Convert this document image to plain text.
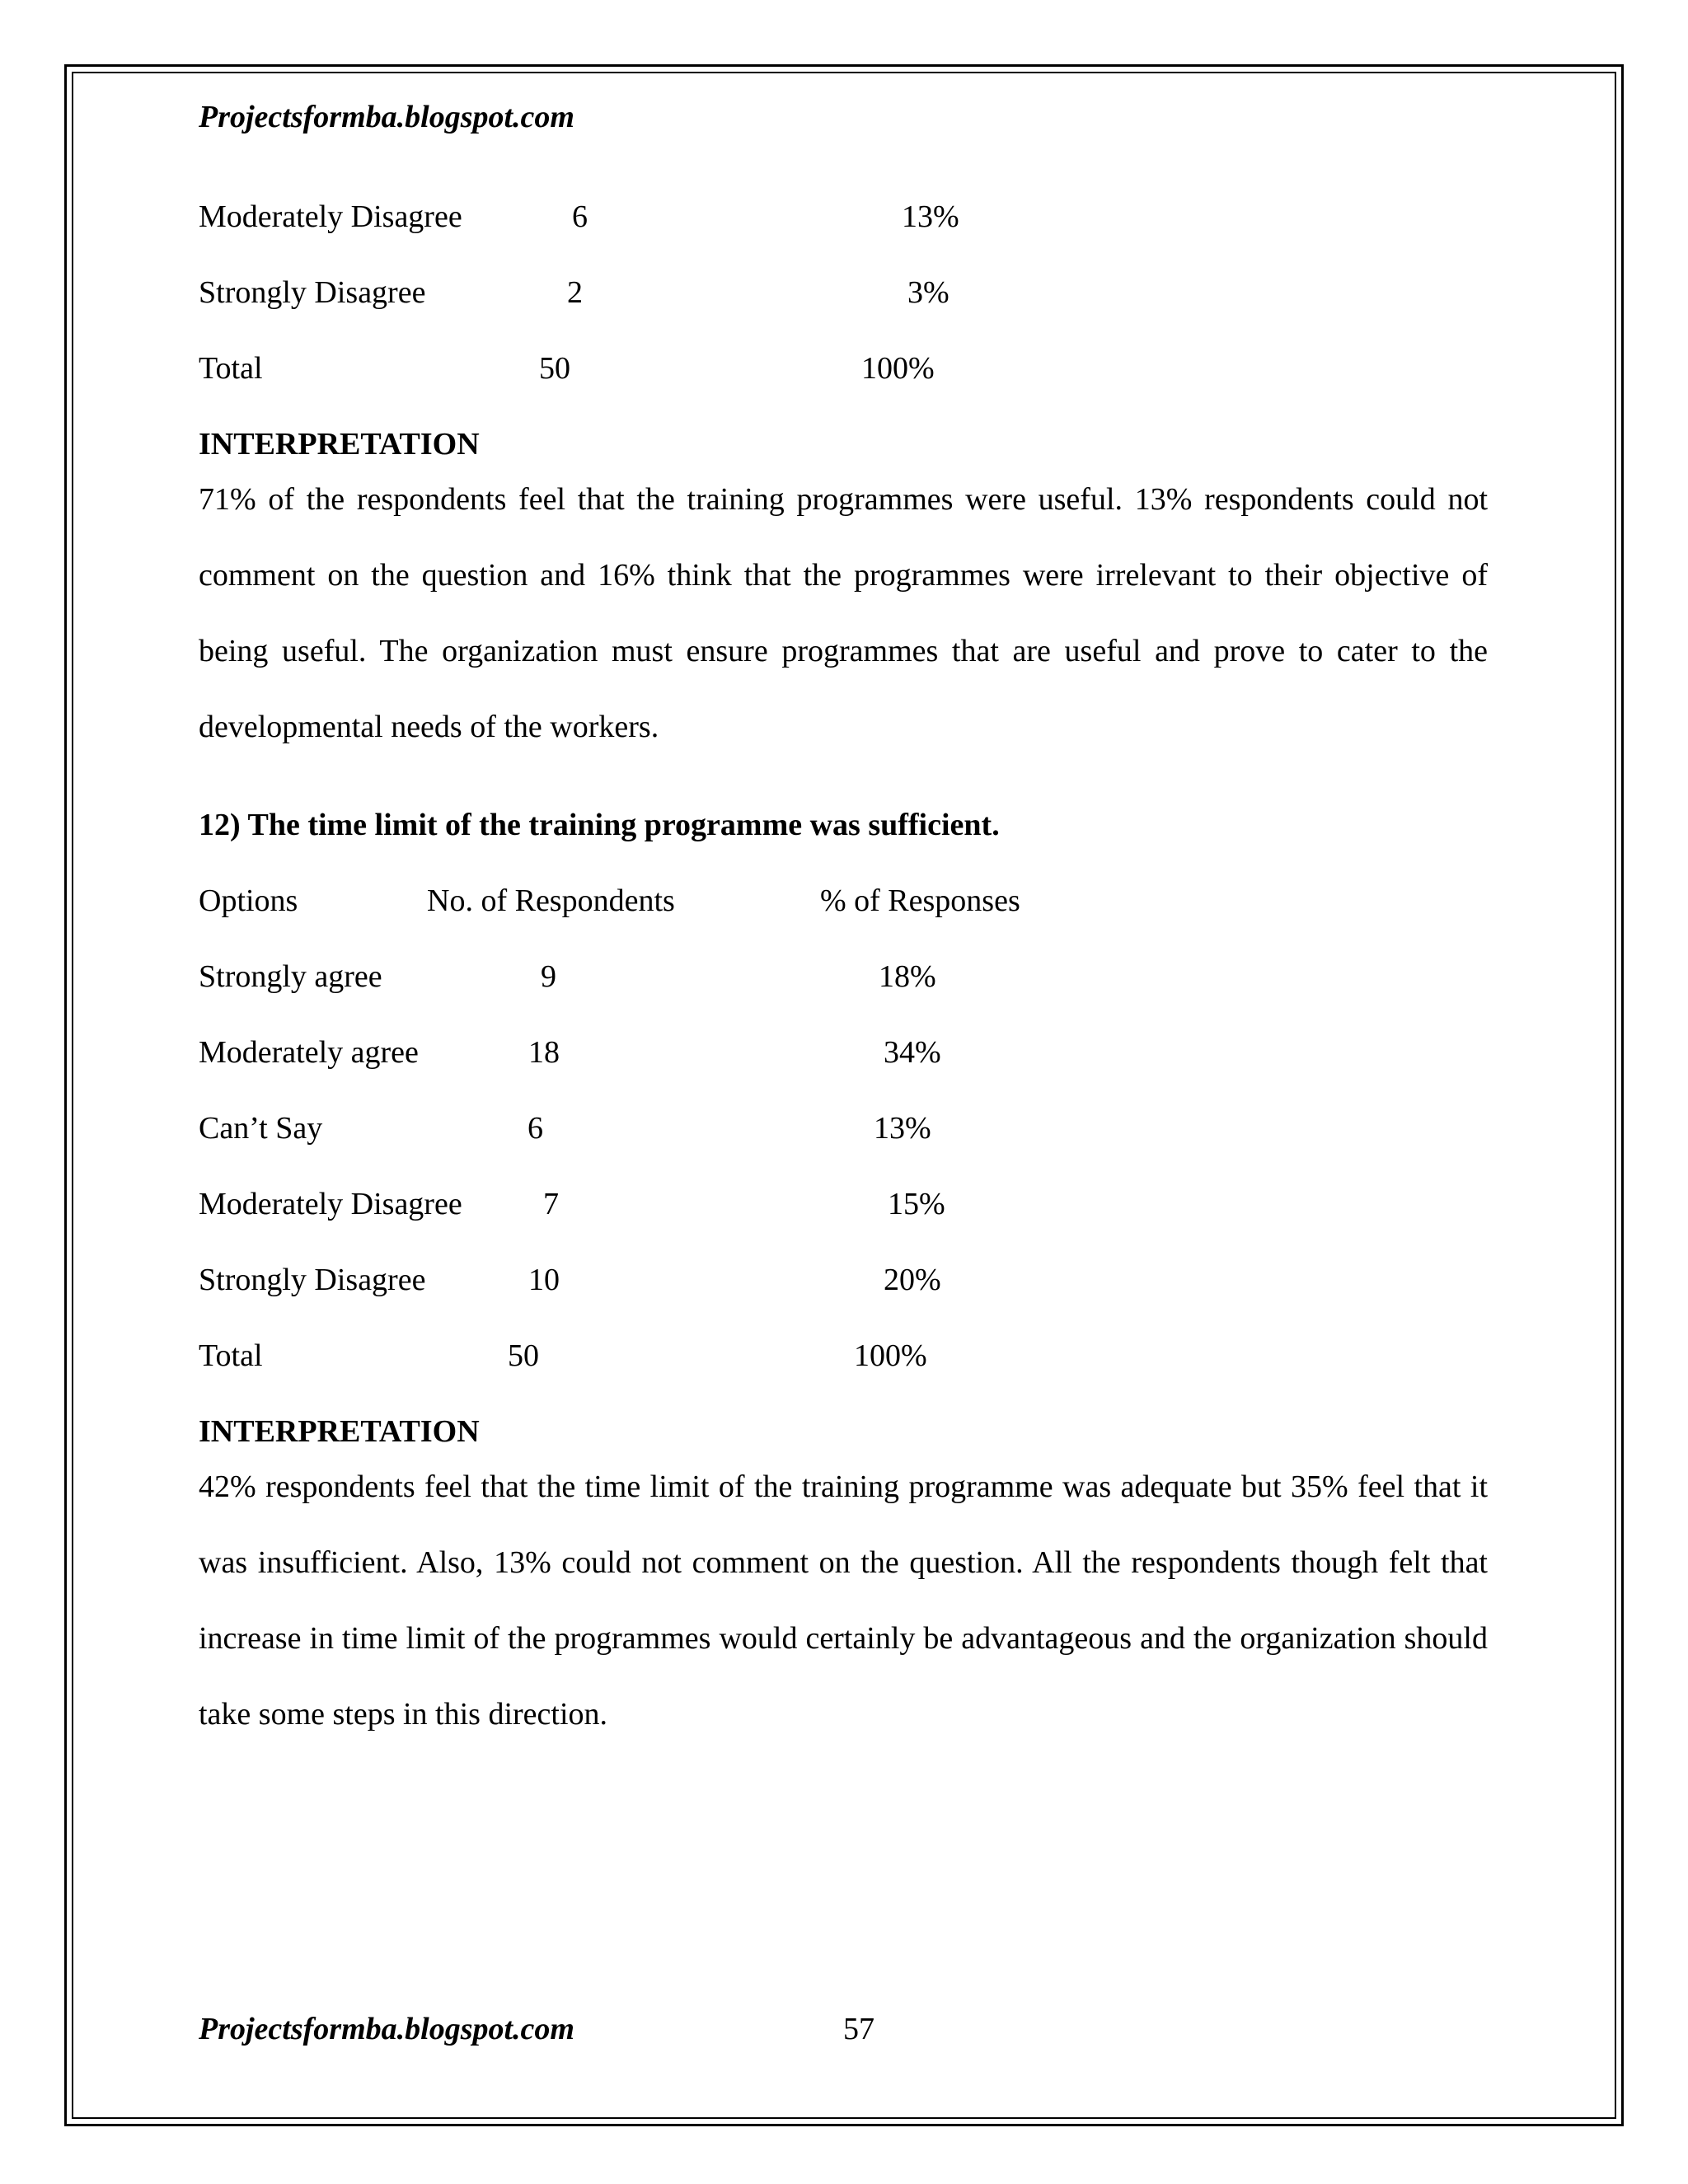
Projectsformba.blogspot.com
Moderately Disagree	6	13%
Strongly Disagree	2	3%
Total	50	100%
INTERPRETATION

71% of the respondents feel that the training programmes were useful. 13% respondents could not comment on the question and 16% think that the programmes were irrelevant to their objective of being useful. The organization must ensure programmes that are useful and prove to cater to the developmental needs of the workers.

12) The time limit of the training programme was sufficient.
Options	No. of Respondents	% of Responses
Strongly agree	9	18%
Moderately agree	18	34%
Can’t Say	6	13%
Moderately Disagree	7	15%
Strongly Disagree	10	20%
Total	50	100%
INTERPRETATION

42% respondents feel that the time limit of the training programme was adequate but 35% feel that it was insufficient. Also, 13% could not comment on the question. All the respondents though felt that increase in time limit of the programmes would certainly be advantageous and the organization should take some steps in this direction.

Projectsformba.blogspot.com	57
